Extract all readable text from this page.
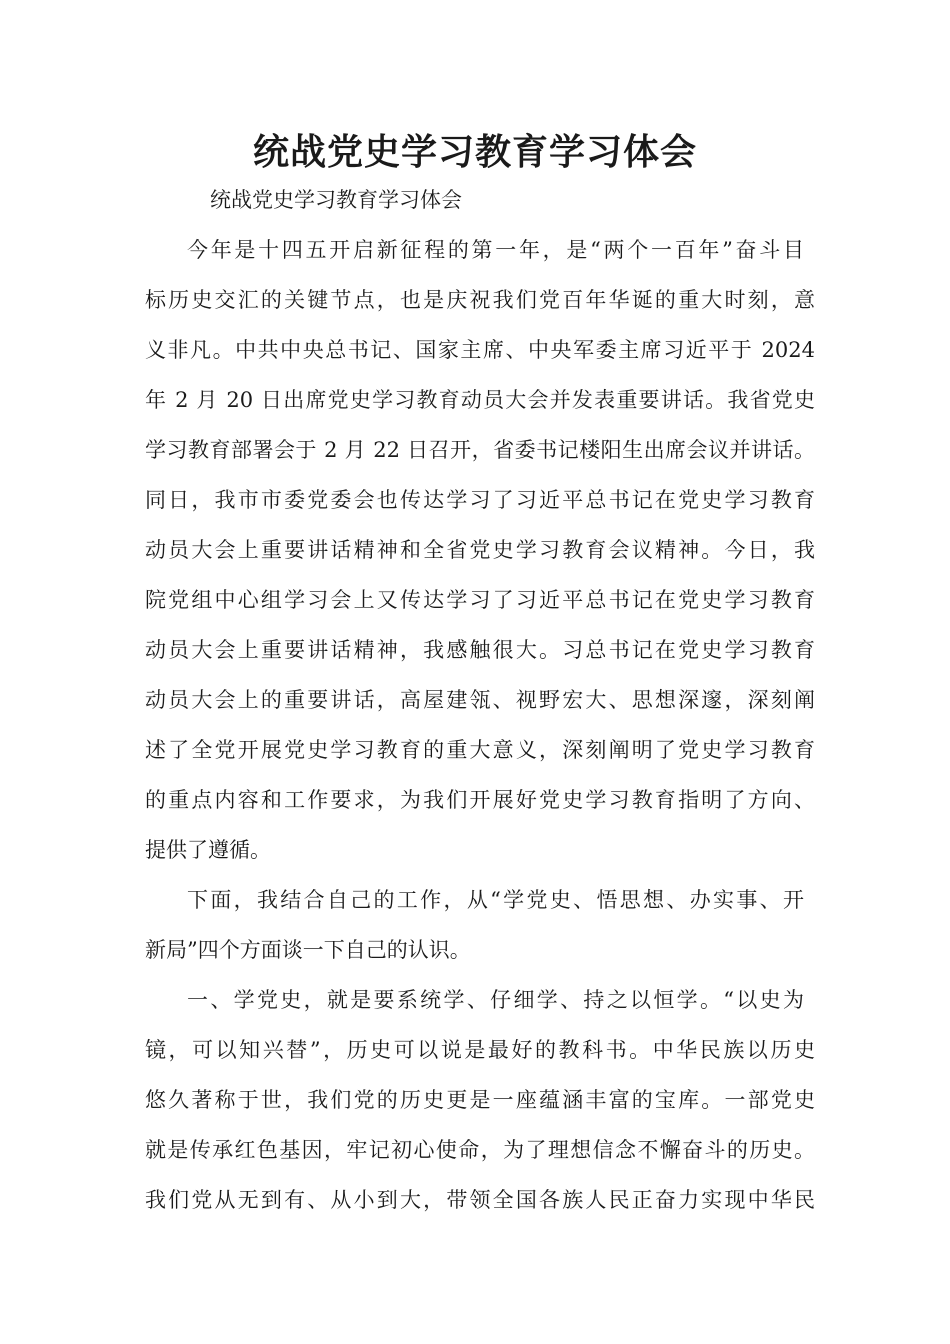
统战党史学习教育学习体会
统战党史学习教育学习体会
今年是十四五开启新征程的第一年，是“两个一百年”奋斗目
标历史交汇的关键节点，也是庆祝我们党百年华诞的重大时刻，意
义非凡。中共中央总书记、国家主席、中央军委主席习近平于 2024
年 2 月 20 日出席党史学习教育动员大会并发表重要讲话。我省党史
学习教育部署会于 2 月 22 日召开，省委书记楼阳生出席会议并讲话。
同日，我市市委党委会也传达学习了习近平总书记在党史学习教育
动员大会上重要讲话精神和全省党史学习教育会议精神。今日，我
院党组中心组学习会上又传达学习了习近平总书记在党史学习教育
动员大会上重要讲话精神，我感触很大。习总书记在党史学习教育
动员大会上的重要讲话，高屋建瓴、视野宏大、思想深邃，深刻阐
述了全党开展党史学习教育的重大意义，深刻阐明了党史学习教育
的重点内容和工作要求，为我们开展好党史学习教育指明了方向、
提供了遵循。
下面，我结合自己的工作，从“学党史、悟思想、办实事、开
新局”四个方面谈一下自己的认识。
一、学党史，就是要系统学、仔细学、持之以恒学。“以史为
镜，可以知兴替”，历史可以说是最好的教科书。中华民族以历史
悠久著称于世，我们党的历史更是一座蕴涵丰富的宝库。一部党史
就是传承红色基因，牢记初心使命，为了理想信念不懈奋斗的历史。
我们党从无到有、从小到大，带领全国各族人民正奋力实现中华民
